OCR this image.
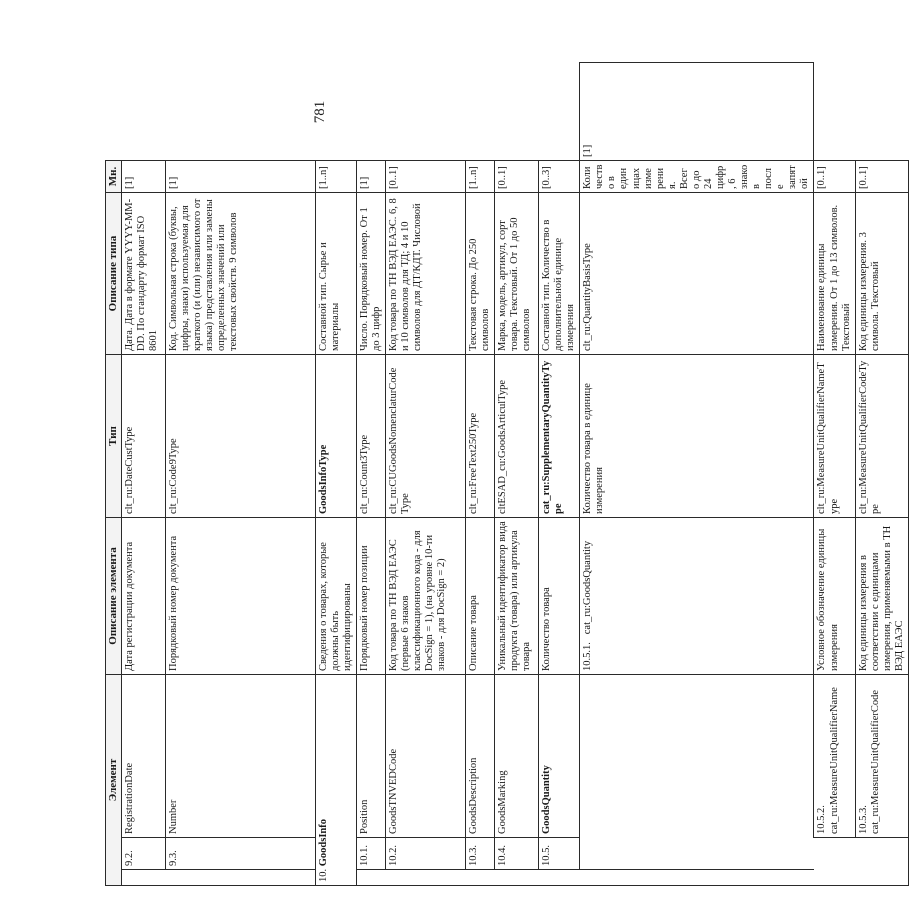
781
Элемент			Описание элемента	Тип	Описание типа	Мн.	
	9.2.	RegistrationDate	Дата регистрации документа	clt_ru:DateCustType	Дата. Дата в формате YYYY-MM-DD. По стандарту формат ISO 8601	[1]	
	9.3.	Number	Порядковый номер документа	clt_ru:Code9Type	Код. Символьная строка (буквы, цифры, знаки) используемая для краткого (и (или) независимого от языка) представления или замены определенных значений или текстовых свойств. 9 символов	[1]	
10. GoodsInfo			Сведения о товарах, которые должны быть идентифицированы	GoodsInfoType	Составной тип. Сырье и материалы	[1..n]	
	10.1.	Position	Порядковый номер позиции	clt_ru:Count3Type	Число. Порядковый номер. От 1 до 3 цифр	[1]	
	10.2.	GoodsTNVEDCode	Код товара по ТН ВЭД ЕАЭС (первые 6 знаков классификационного кода - для DocSign = 1), (на уровне 10-ти знаков - для DocSign = 2)	clt_ru:CUGoodsNomenclaturCode Type	Код товара по ТН ВЭД ЕАЭС. 6, 8 и 10 символов для ТД; 4 и 10 символов для ДТ/КДТ. Числовой	[0..1]	
	10.3.	GoodsDescription	Описание товара	clt_ru:FreeText250Type	Текстовая строка. До 250 символов	[1..n]	
	10.4.	GoodsMarking	Уникальный идентификатор вида продукта (товара) или артикула товара	cltESAD_cu:GoodsArticulType	Марка, модель, артикул, сорт товара. Текстовый. От 1 до 50 символов	[0..1]	
	10.5.	GoodsQuantity	Количество товара	cat_ru:SupplementaryQuantityType	Составной тип. Количество в дополнительной единице измерения	[0..3]	
			10.5.1.   cat_ru:GoodsQuantity	Количество товара в единице измерения	clt_ru:QuantityBasisType	Количество в единицах измерения. Всего до 24 цифр, 6 знаков после запятой	[1]
		10.5.2.   cat_ru:MeasureUnitQualifierName	Условное обозначение единицы измерения	clt_ru:MeasureUnitQualifierNameType	Наименование единицы измерения. От 1 до 13 символов. Текстовый	[0..1]	
		10.5.3.   cat_ru:MeasureUnitQualifierCode	Код единицы измерения в соответствии с единицами измерения, применяемыми в ТН ВЭД ЕАЭС	clt_ru:MeasureUnitQualifierCodeType	Код единицы измерения. 3 символа. Текстовый	[0..1]	
